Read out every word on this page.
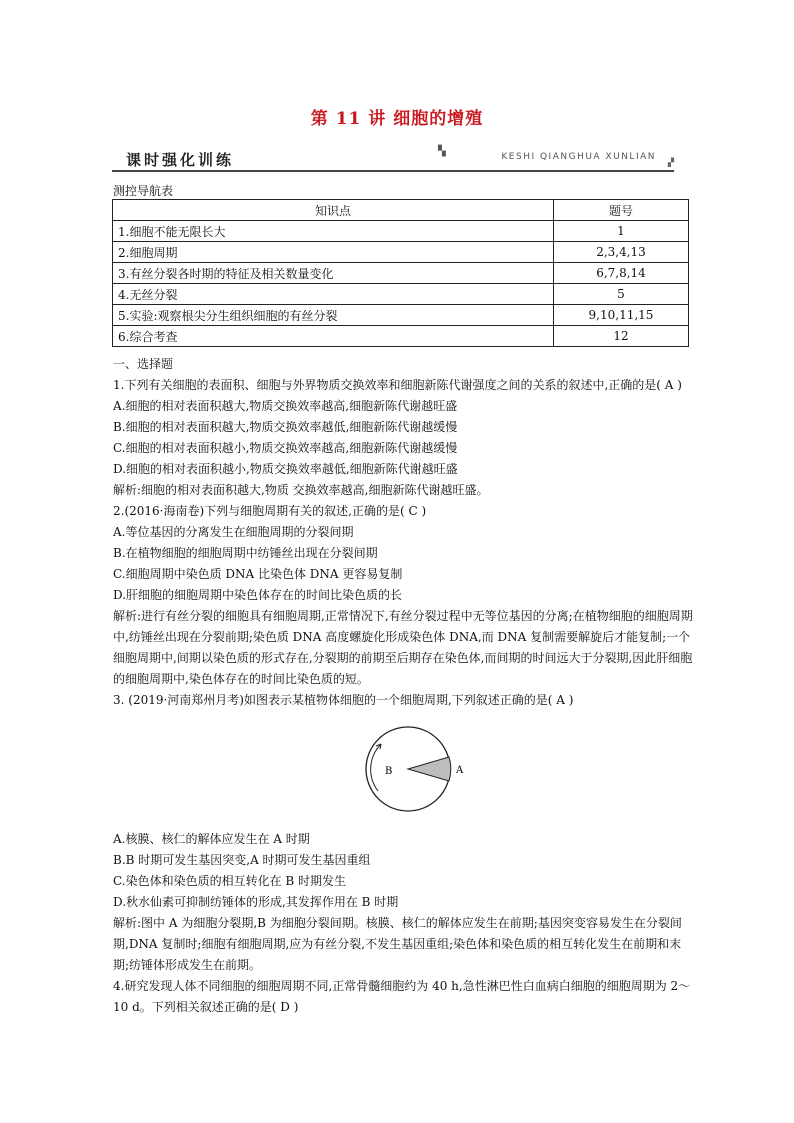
第 11 讲 细胞的增殖
课时强化训练	▚	KESHI QIANGHUA XUNLIAN
▞
测控导航表
知识点	题号
1.细胞不能无限长大	1
2.细胞周期	2,3,4,13
3.有丝分裂各时期的特征及相关数量变化	6,7,8,14
4.无丝分裂	5
5.实验:观察根尖分生组织细胞的有丝分裂	9,10,11,15
6.综合考查	12

一、选择题

1.下列有关细胞的表面积、细胞与外界物质交换效率和细胞新陈代谢强度之间的关系的叙述中,正确的是( A )

A.细胞的相对表面积越大,物质交换效率越高,细胞新陈代谢越旺盛

B.细胞的相对表面积越大,物质交换效率越低,细胞新陈代谢越缓慢

C.细胞的相对表面积越小,物质交换效率越高,细胞新陈代谢越缓慢

D.细胞的相对表面积越小,物质交换效率越低,细胞新陈代谢越旺盛

解析:细胞的相对表面积越大,物质 交换效率越高,细胞新陈代谢越旺盛。

2.(2016·海南卷)下列与细胞周期有关的叙述,正确的是( C )

A.等位基因的分离发生在细胞周期的分裂间期

B.在植物细胞的细胞周期中纺锤丝出现在分裂间期

C.细胞周期中染色质 DNA 比染色体 DNA 更容易复制

D.肝细胞的细胞周期中染色体存在的时间比染色质的长

解析:进行有丝分裂的细胞具有细胞周期,正常情况下,有丝分裂过程中无等位基因的分离;在植物细胞的细胞周期中,纺锤丝出现在分裂前期;染色质 DNA 高度螺旋化形成染色体 DNA,而 DNA 复制需要解旋后才能复制;一个细胞周期中,间期以染色质的形式存在,分裂期的前期至后期存在染色体,而间期的时间远大于分裂期,因此肝细胞的细胞周期中,染色体存在的时间比染色质的短。

3. (2019·河南郑州月考)如图表示某植物体细胞的一个细胞周期,下列叙述正确的是( A )

A
B

A.核膜、核仁的解体应发生在 A 时期

B.B 时期可发生基因突变,A 时期可发生基因重组

C.染色体和染色质的相互转化在 B 时期发生

D.秋水仙素可抑制纺锤体的形成,其发挥作用在 B 时期

解析:图中 A 为细胞分裂期,B 为细胞分裂间期。核膜、核仁的解体应发生在前期;基因突变容易发生在分裂间期,DNA 复制时;细胞有细胞周期,应为有丝分裂,不发生基因重组;染色体和染色质的相互转化发生在前期和末期;纺锤体形成发生在前期。

4.研究发现人体不同细胞的细胞周期不同,正常骨髓细胞约为 40 h,急性淋巴性白血病白细胞的细胞周期为 2～10 d。下列相关叙述正确的是( D )
